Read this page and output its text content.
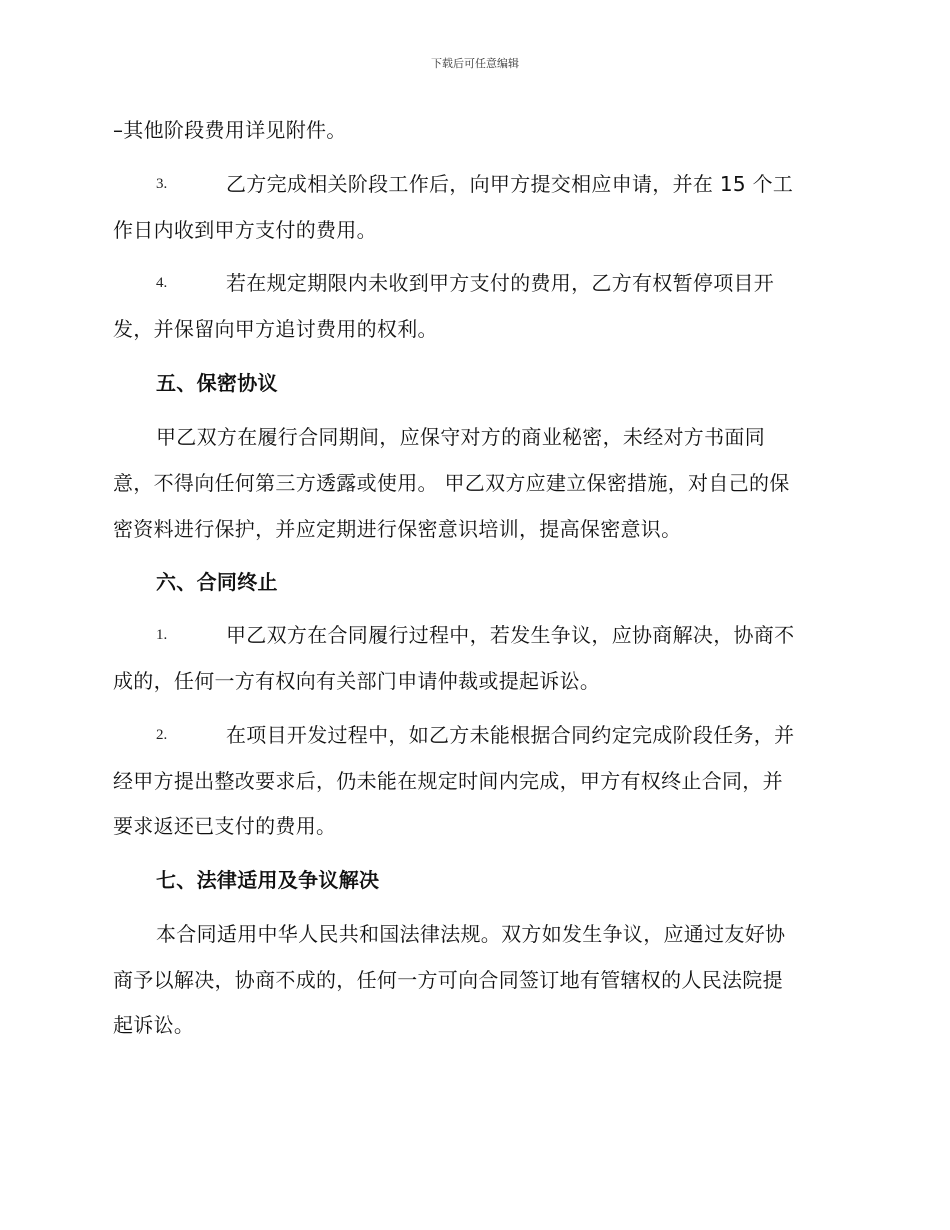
下载后可任意编辑
–其他阶段费用详见附件。
3.	乙方完成相关阶段工作后，向甲方提交相应申请，并在 15 个工
作日内收到甲方支付的费用。
4.	若在规定期限内未收到甲方支付的费用，乙方有权暂停项目开
发，并保留向甲方追讨费用的权利。
五、保密协议
甲乙双方在履行合同期间，应保守对方的商业秘密，未经对方书面同
意，不得向任何第三方透露或使用。 甲乙双方应建立保密措施，对自己的保
密资料进行保护，并应定期进行保密意识培训，提高保密意识。
六、合同终止
1.	甲乙双方在合同履行过程中，若发生争议，应协商解决，协商不
成的，任何一方有权向有关部门申请仲裁或提起诉讼。
2.	在项目开发过程中，如乙方未能根据合同约定完成阶段任务，并
经甲方提出整改要求后，仍未能在规定时间内完成，甲方有权终止合同，并
要求返还已支付的费用。
七、法律适用及争议解决
本合同适用中华人民共和国法律法规。双方如发生争议，应通过友好协
商予以解决，协商不成的，任何一方可向合同签订地有管辖权的人民法院提
起诉讼。
